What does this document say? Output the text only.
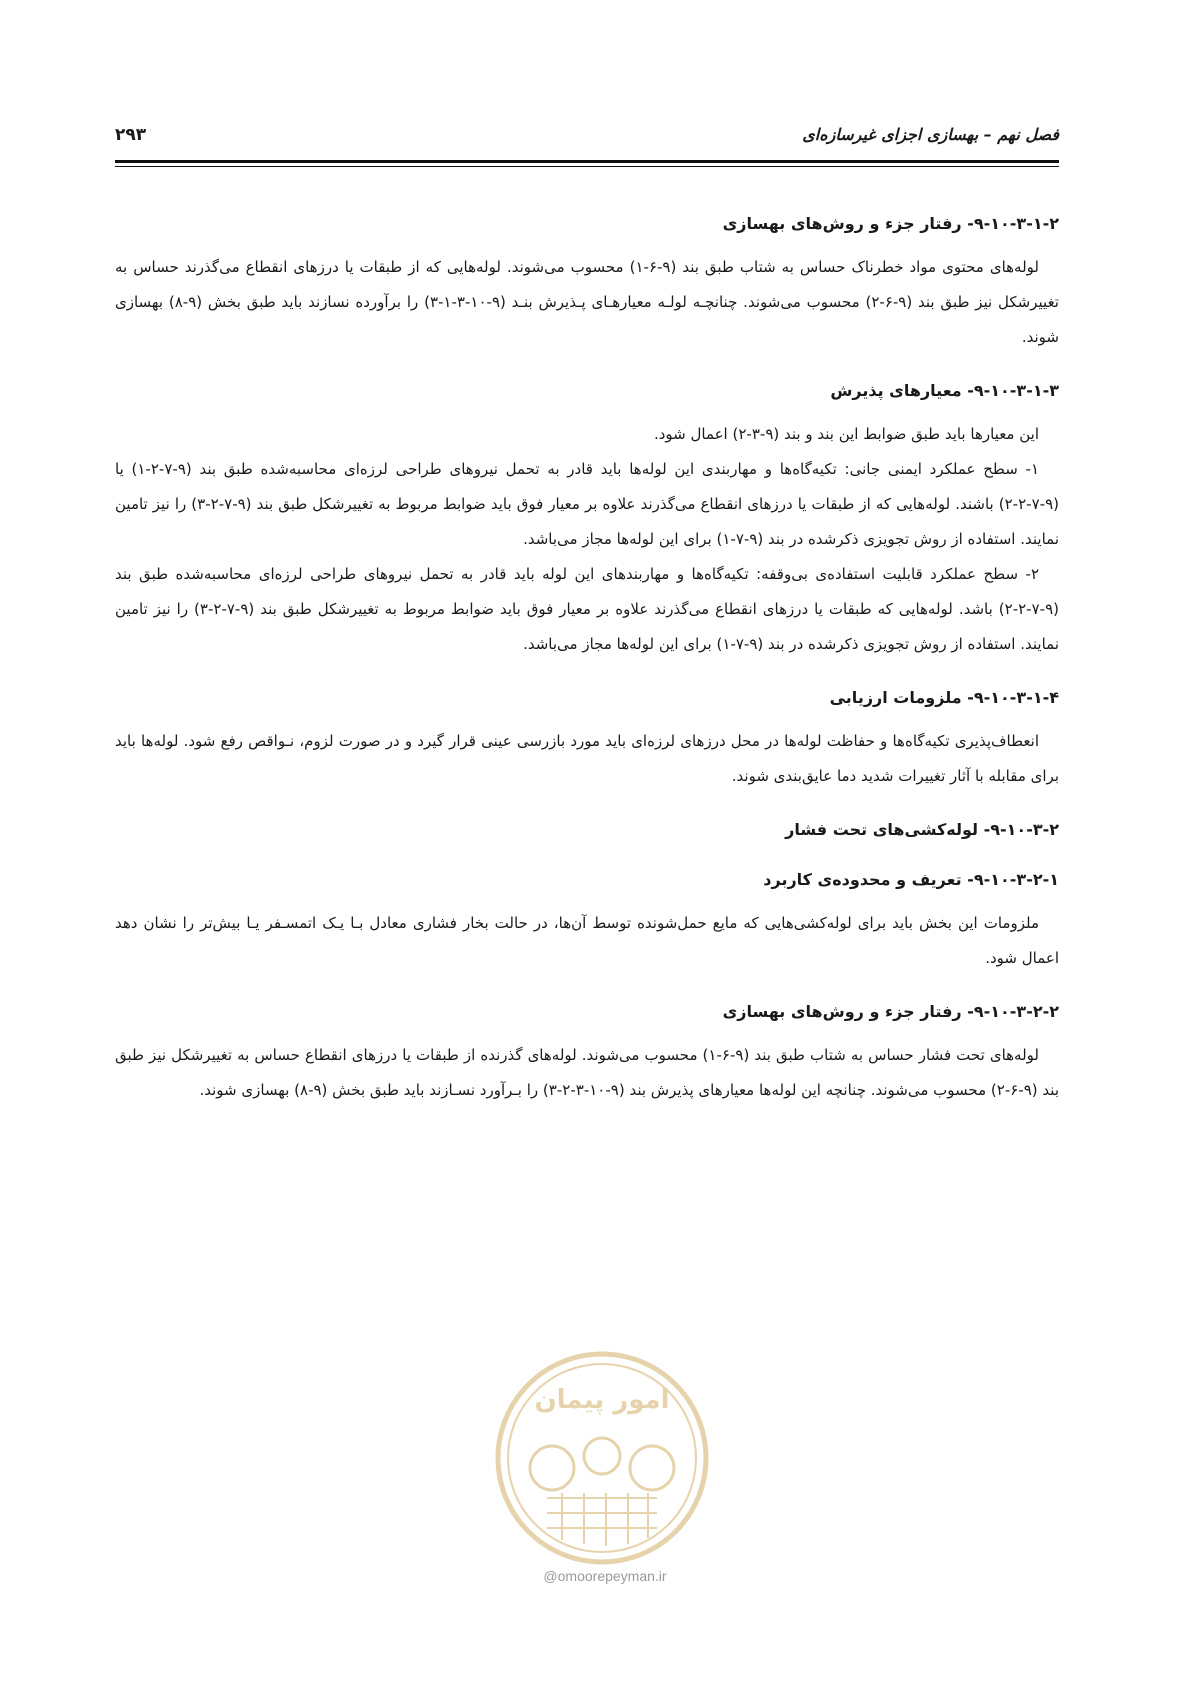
فصل نهم – بهسازی اجزای غیرسازه‌ای
۲۹۳
۹-۱۰-۳-۱-۲- رفتار جزء و روش‌های بهسازی

لوله‌های محتوی مواد خطرناک حساس به شتاب طبق بند (۹-۶-۱) محسوب می‌شوند. لوله‌هایی که از طبقات یا درزهای انقطاع می‌گذرند حساس به تغییرشکل نیز طبق بند (۹-۶-۲) محسوب می‌شوند. چنانچـه لولـه معیارهـای پـذیرش بنـد (۹-۱۰-۳-۱-۳) را برآورده نسازند باید طبق بخش (۹-۸) بهسازی شوند.

۹-۱۰-۳-۱-۳- معیارهای پذیرش

این معیارها باید طبق ضوابط این بند و بند (۹-۳-۲) اعمال شود.

۱- سطح عملکرد ایمنی جانی: تکیه‌گاه‌ها و مهاربندی این لوله‌ها باید قادر به تحمل نیروهای طراحی لرزه‌ای محاسبه‌شده طبق بند (۹-۷-۲-۱) یا (۹-۷-۲-۲) باشند. لوله‌هایی که از طبقات یا درزهای انقطاع می‌گذرند علاوه بر معیار فوق باید ضوابط مربوط به تغییرشکل طبق بند (۹-۷-۲-۳) را نیز تامین نمایند. استفاده از روش تجویزی ذکرشده در بند (۹-۷-۱) برای این لوله‌ها مجاز می‌باشد.

۲- سطح عملکرد قابلیت استفاده‌ی بی‌وقفه: تکیه‌گاه‌ها و مهاربندهای این لوله باید قادر به تحمل نیروهای طراحی لرزه‌ای محاسبه‌شده طبق بند (۹-۷-۲-۲) باشد. لوله‌هایی که طبقات یا درزهای انقطاع می‌گذرند علاوه بر معیار فوق باید ضوابط مربوط به تغییرشکل طبق بند (۹-۷-۲-۳) را نیز تامین نمایند. استفاده از روش تجویزی ذکرشده در بند (۹-۷-۱) برای این لوله‌ها مجاز می‌باشد.

۹-۱۰-۳-۱-۴- ملزومات ارزیابی

انعطاف‌پذیری تکیه‌گاه‌ها و حفاظت لوله‌ها در محل درزهای لرزه‌ای باید مورد بازرسی عینی قرار گیرد و در صورت لزوم، نـواقص رفع شود. لوله‌ها باید برای مقابله با آثار تغییرات شدید دما عایق‌بندی شوند.

۹-۱۰-۳-۲- لوله‌کشی‌های تحت فشار
۹-۱۰-۳-۲-۱- تعریف و محدوده‌ی کاربرد

ملزومات این بخش باید برای لوله‌کشی‌هایی که مایع حمل‌شونده توسط آن‌ها، در حالت بخار فشاری معادل بـا یـک اتمسـفر یـا بیش‌تر را نشان دهد اعمال شود.

۹-۱۰-۳-۲-۲- رفتار جزء و روش‌های بهسازی

لوله‌های تحت فشار حساس به شتاب طبق بند (۹-۶-۱) محسوب می‌شوند. لوله‌های گذرنده از طبقات یا درزهای انقطاع حساس به تغییرشکل نیز طبق بند (۹-۶-۲) محسوب می‌شوند. چنانچه این لوله‌ها معیارهای پذیرش بند (۹-۱۰-۳-۲-۳) را بـرآورد نسـازند باید طبق بخش (۹-۸) بهسازی شوند.

امور پیمان
@omoorepeyman.ir
